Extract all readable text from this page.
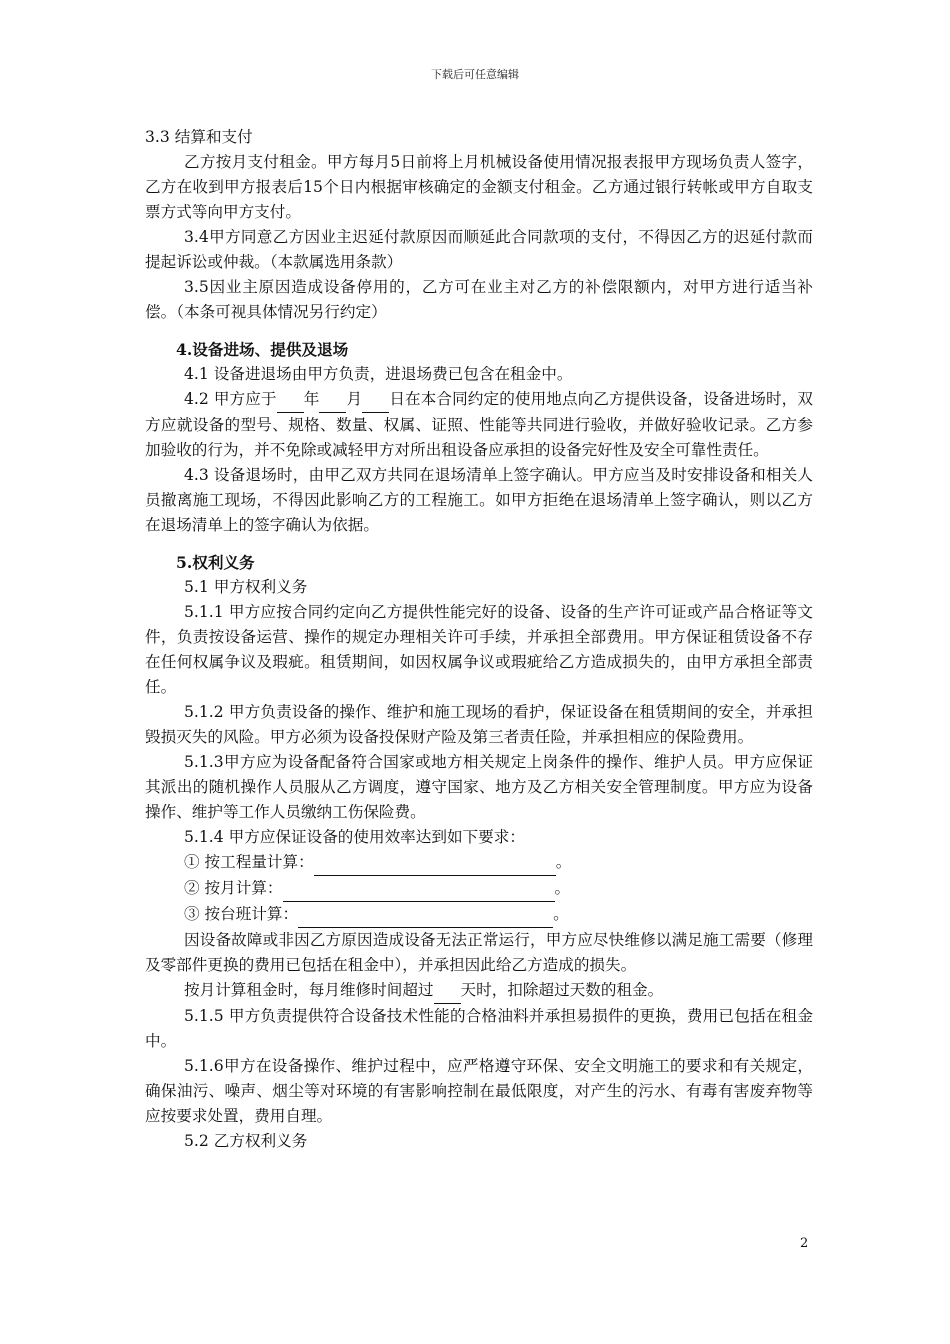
下载后可任意编辑

3.3 结算和支付

乙方按月支付租金。甲方每月5日前将上月机械设备使用情况报表报甲方现场负责人签字，乙方在收到甲方报表后15个日内根据审核确定的金额支付租金。乙方通过银行转帐或甲方自取支票方式等向甲方支付。

3.4甲方同意乙方因业主迟延付款原因而顺延此合同款项的支付，不得因乙方的迟延付款而提起诉讼或仲裁。（本款属选用条款）

3.5因业主原因造成设备停用的，乙方可在业主对乙方的补偿限额内，对甲方进行适当补偿。（本条可视具体情况另行约定）

4.设备进场、提供及退场

4.1 设备进退场由甲方负责，进退场费已包含在租金中。

4.2 甲方应于 年 月 日在本合同约定的使用地点向乙方提供设备，设备进场时，双方应就设备的型号、规格、数量、权属、证照、性能等共同进行验收，并做好验收记录。乙方参加验收的行为，并不免除或减轻甲方对所出租设备应承担的设备完好性及安全可靠性责任。

4.3 设备退场时，由甲乙双方共同在退场清单上签字确认。甲方应当及时安排设备和相关人员撤离施工现场，不得因此影响乙方的工程施工。如甲方拒绝在退场清单上签字确认，则以乙方在退场清单上的签字确认为依据。

5.权利义务

5.1 甲方权利义务

5.1.1 甲方应按合同约定向乙方提供性能完好的设备、设备的生产许可证或产品合格证等文件，负责按设备运营、操作的规定办理相关许可手续，并承担全部费用。甲方保证租赁设备不存在任何权属争议及瑕疵。租赁期间，如因权属争议或瑕疵给乙方造成损失的，由甲方承担全部责任。

5.1.2 甲方负责设备的操作、维护和施工现场的看护，保证设备在租赁期间的安全，并承担毁损灭失的风险。甲方必须为设备投保财产险及第三者责任险，并承担相应的保险费用。

5.1.3甲方应为设备配备符合国家或地方相关规定上岗条件的操作、维护人员。甲方应保证其派出的随机操作人员服从乙方调度，遵守国家、地方及乙方相关安全管理制度。甲方应为设备操作、维护等工作人员缴纳工伤保险费。

5.1.4 甲方应保证设备的使用效率达到如下要求：

① 按工程量计算：	。

② 按月计算：	。

③ 按台班计算：	。

因设备故障或非因乙方原因造成设备无法正常运行，甲方应尽快维修以满足施工需要（修理及零部件更换的费用已包括在租金中），并承担因此给乙方造成的损失。

按月计算租金时，每月维修时间超过 天时，扣除超过天数的租金。

5.1.5 甲方负责提供符合设备技术性能的合格油料并承担易损件的更换，费用已包括在租金中。

5.1.6甲方在设备操作、维护过程中，应严格遵守环保、安全文明施工的要求和有关规定，确保油污、噪声、烟尘等对环境的有害影响控制在最低限度，对产生的污水、有毒有害废弃物等应按要求处置，费用自理。

5.2 乙方权利义务

2
